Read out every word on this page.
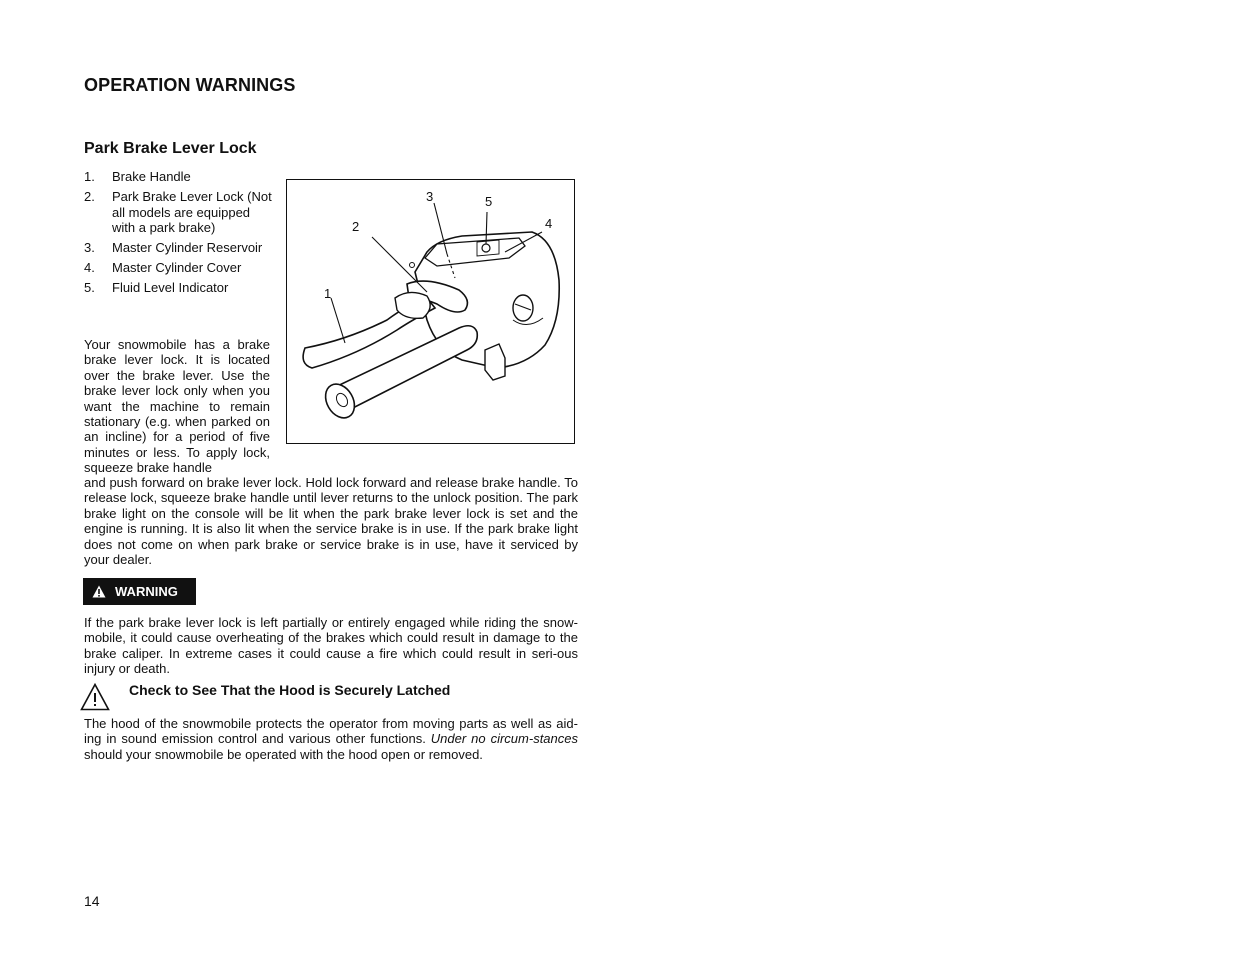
OPERATION WARNINGS
Park Brake Lever Lock
1.	Brake Handle
2.	Park Brake Lever Lock (Not all models are equipped with a park brake)
3.	Master Cylinder Reservoir
4.	Master Cylinder Cover
5.	Fluid Level Indicator
Your snowmobile has a brake brake lever lock. It is located over the brake lever. Use the brake lever lock only when you want the machine to remain stationary (e.g. when parked on an incline) for a period of five minutes or less. To apply lock, squeeze brake handle
1
2
3
4
5
and push forward on brake lever lock. Hold lock forward and release brake handle. To release lock, squeeze brake handle until lever returns to the unlock position. The park brake light on the console will be lit when the park brake lever lock is set and the engine is running. It is also lit when the service brake is in use. If the park brake light does not come on when park brake or service brake is in use, have it serviced by your dealer.
WARNING
If the park brake lever lock is left partially or entirely engaged while riding the snow-mobile, it could cause overheating of the brakes which could result in damage to the brake caliper. In extreme cases it could cause a fire which could result in seri-ous injury or death.
Check to See That the Hood is Securely Latched
The hood of the snowmobile protects the operator from moving parts as well as aid-ing in sound emission control and various other functions. Under no circum-stances should your snowmobile be operated with the hood open or removed.
14
